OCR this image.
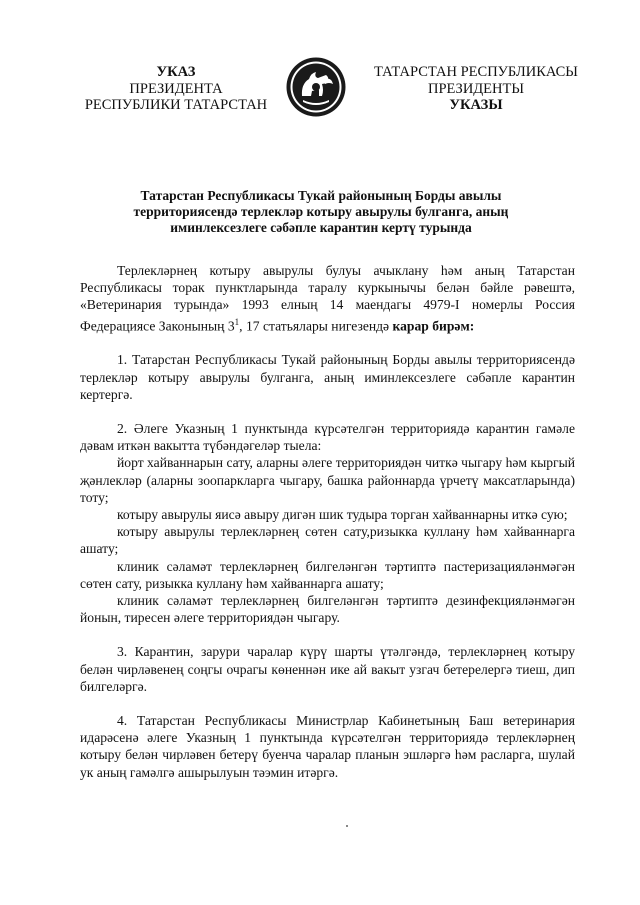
УКАЗ
ПРЕЗИДЕНТА
РЕСПУБЛИКИ ТАТАРСТАН
ТАТАРСТАН РЕСПУБЛИКАСЫ
ПРЕЗИДЕНТЫ
УКАЗЫ
Татарстан Республикасы Тукай районының Борды авылы
территориясендә терлекләр котыру авырулы булганга, аның
иминлексезлеге сәбәпле карантин кертү турында

Терлекләрнең котыру авырулы булуы ачыклану һәм аның Татарстан Республикасы торак пунктларында таралу куркынычы белән бәйле рәвештә, «Ветеринария турында» 1993 елның 14 маендагы 4979-I номерлы Россия Федерациясе Законының $3^1$, 17 статьялары нигезендә карар бирәм:

1. Татарстан Республикасы Тукай районының Борды авылы территориясендә терлекләр котыру авырулы булганга, аның иминлексезлеге сәбәпле карантин кертергә.

2. Әлеге Указның 1 пунктында күрсәтелгән территориядә карантин гамәле дәвам иткән вакытта түбәндәгеләр тыела:

йорт хайваннарын сату, аларны әлеге территориядән читкә чыгару һәм кыргый җәнлекләр (аларны зоопаркларга чыгару, башка районнарда үрчетү максатларында) тоту;

котыру авырулы яисә авыру дигән шик тудыра торган хайваннарны иткә сую;

котыру авырулы терлекләрнең сөтен сату,ризыкка куллану һәм хайваннарга ашату;

клиник сәламәт терлекләрнең билгеләнгән тәртиптә пастеризацияләнмәгән сөтен сату, ризыкка куллану һәм хайваннарга ашату;

клиник сәламәт терлекләрнең билгеләнгән тәртиптә дезинфекцияләнмәгән йонын, тиресен әлеге территориядән чыгару.

3. Карантин, зарури чаралар күрү шарты үтәлгәндә, терлекләрнең котыру белән чирләвенең соңгы очрагы көненнән ике ай вакыт узгач бетерелергә тиеш, дип билгеләргә.

4. Татарстан Республикасы Министрлар Кабинетының Баш ветеринария идарәсенә әлеге Указның 1 пунктында күрсәтелгән территориядә терлекләрнең котыру белән чирләвен бетерү буенча чаралар планын эшләргә һәм расларга, шулай ук аның гамәлгә ашырылуын тәэмин итәргә.
